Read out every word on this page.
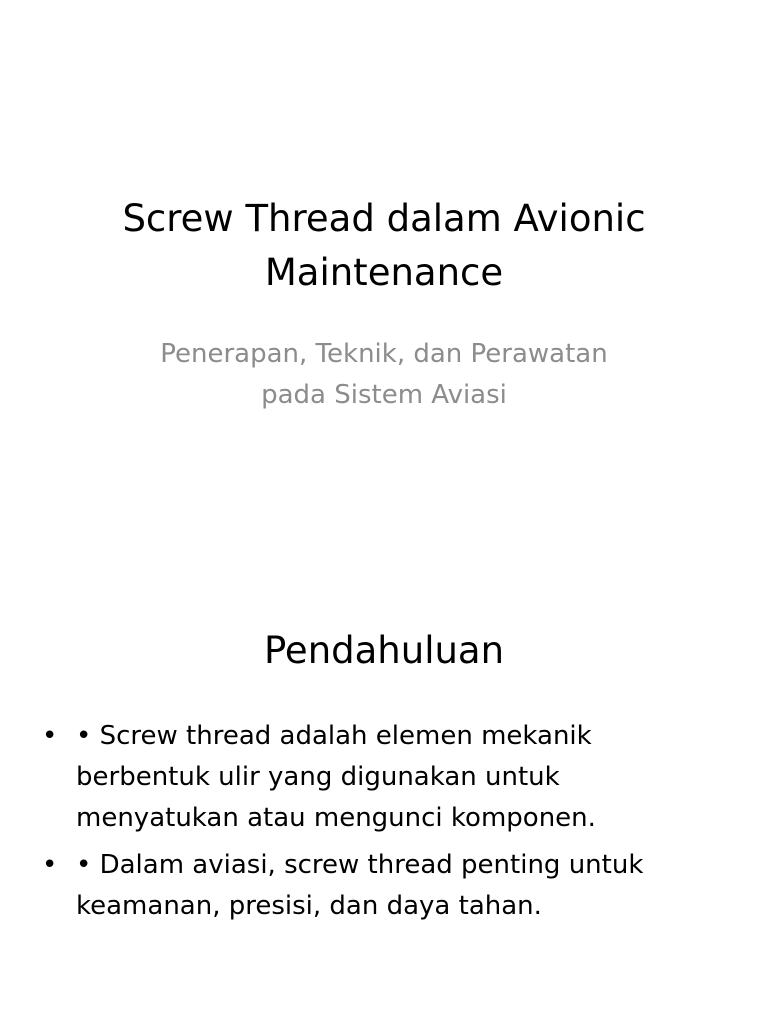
Screw Thread dalam Avionic
Maintenance

Penerapan, Teknik, dan Perawatan
pada Sistem Aviasi

Pendahuluan
• • Screw thread adalah elemen mekanik
berbentuk ulir yang digunakan untuk
menyatukan atau mengunci komponen.
• • Dalam aviasi, screw thread penting untuk
keamanan, presisi, dan daya tahan.
